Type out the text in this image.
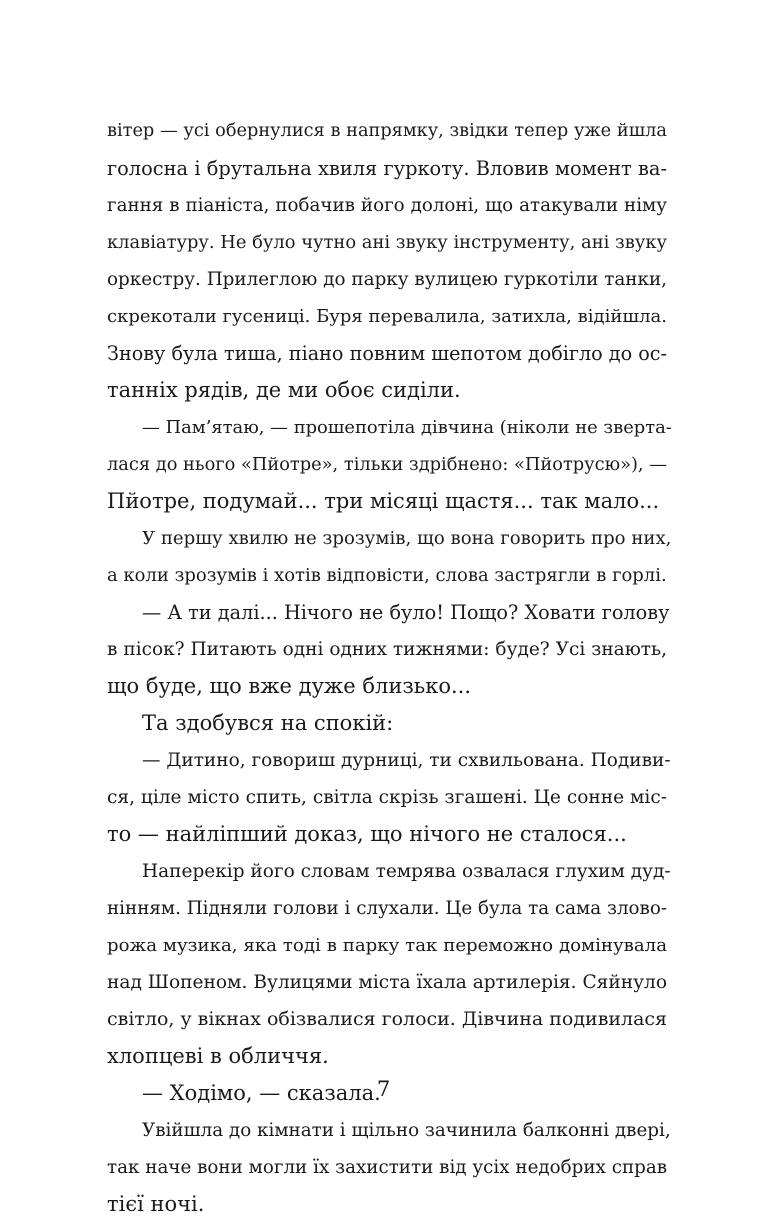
вітер — усі обернулися в напрямку, звідки тепер уже йшла
голосна і брутальна хвиля гуркоту. Вловив момент ва-
гання в піаніста, побачив його долоні, що атакували німу
клавіатуру. Не було чутно ані звуку інструменту, ані звуку
оркестру. Прилеглою до парку вулицею гуркотіли танки,
скрекотали гусениці. Буря перевалила, затихла, відійшла.
Знову була тиша, піано повним шепотом добігло до ос-
танніх рядів, де ми обоє сиділи.
— Пам’ятаю, — прошепотіла дівчина (ніколи не зверта-
лася до нього «Пйотре», тільки здрібнено: «Пйотрусю»), —
Пйотре, подумай... три місяці щастя... так мало...
У першу хвилю не зрозумів, що вона говорить про них,
а коли зрозумів і хотів відповісти, слова застрягли в горлі.
— А ти далі... Нічого не було! Пощо? Ховати голову
в пісок? Питають одні одних тижнями: буде? Усі знають,
що буде, що вже дуже близько...
Та здобувся на спокій:
— Дитино, говориш дурниці, ти схвильована. Подиви-
ся, ціле місто спить, світла скрізь згашені. Це сонне міс-
то — найліпший доказ, що нічого не сталося...
Наперекір його словам темрява озвалася глухим дуд-
нінням. Підняли голови і слухали. Це була та сама злово-
рожа музика, яка тоді в парку так переможно домінувала
над Шопеном. Вулицями міста їхала артилерія. Сяйнуло
світло, у вікнах обізвалися голоси. Дівчина подивилася
хлопцеві в обличчя.
— Ходімо, — сказала.
Увійшла до кімнати і щільно зачинила балконні двері,
так наче вони могли їх захистити від усіх недобрих справ
тієї ночі.
7
